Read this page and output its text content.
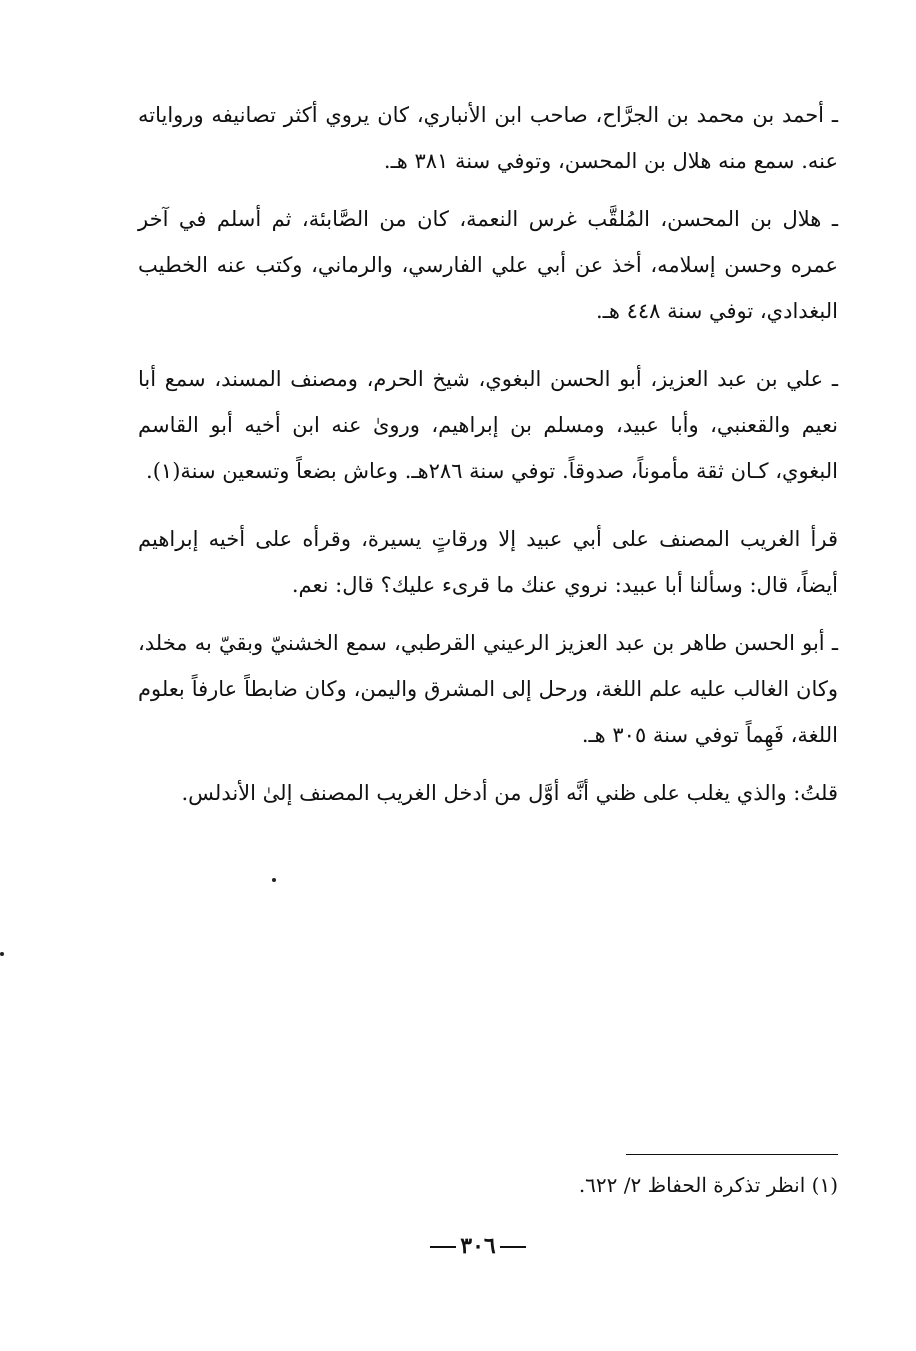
ـ أحمد بن محمد بن الجرَّاح، صاحب ابن الأنباري، كان يروي أكثر تصانيفه ورواياته عنه. سمع منه هلال بن المحسن، وتوفي سنة ٣٨١ هـ.

ـ هلال بن المحسن، المُلقَّب غرس النعمة، كان من الصَّابئة، ثم أسلم في آخر عمره وحسن إسلامه، أخذ عن أبي علي الفارسي، والرماني، وكتب عنه الخطيب البغدادي، توفي سنة ٤٤٨ هـ.

ـ علي بن عبد العزيز، أبو الحسن البغوي، شيخ الحرم، ومصنف المسند، سمع أبا نعيم والقعنبي، وأبا عبيد، ومسلم بن إبراهيم، وروىٰ عنه ابن أخيه أبو القاسم البغوي، كـان ثقة مأموناً، صدوقاً. توفي سنة ٢٨٦هـ. وعاش بضعاً وتسعين سنة(١).

قرأ الغريب المصنف على أبي عبيد إلا ورقاتٍ يسيرة، وقرأه على أخيه إبراهيم أيضاً، قال: وسألنا أبا عبيد: نروي عنك ما قرىء عليك؟ قال: نعم.

ـ أبو الحسن طاهر بن عبد العزيز الرعيني القرطبي، سمع الخشنيّ وبقيّ به مخلد، وكان الغالب عليه علم اللغة، ورحل إلى المشرق واليمن، وكان ضابطاً عارفاً بعلوم اللغة، فَهِماً توفي سنة ٣٠٥ هـ.

قلتُ: والذي يغلب على ظني أنَّه أوَّل من أدخل الغريب المصنف إلىٰ الأندلس.

(١) انظر تذكرة الحفاظ ٢/ ٦٢٢.
٣٠٦
